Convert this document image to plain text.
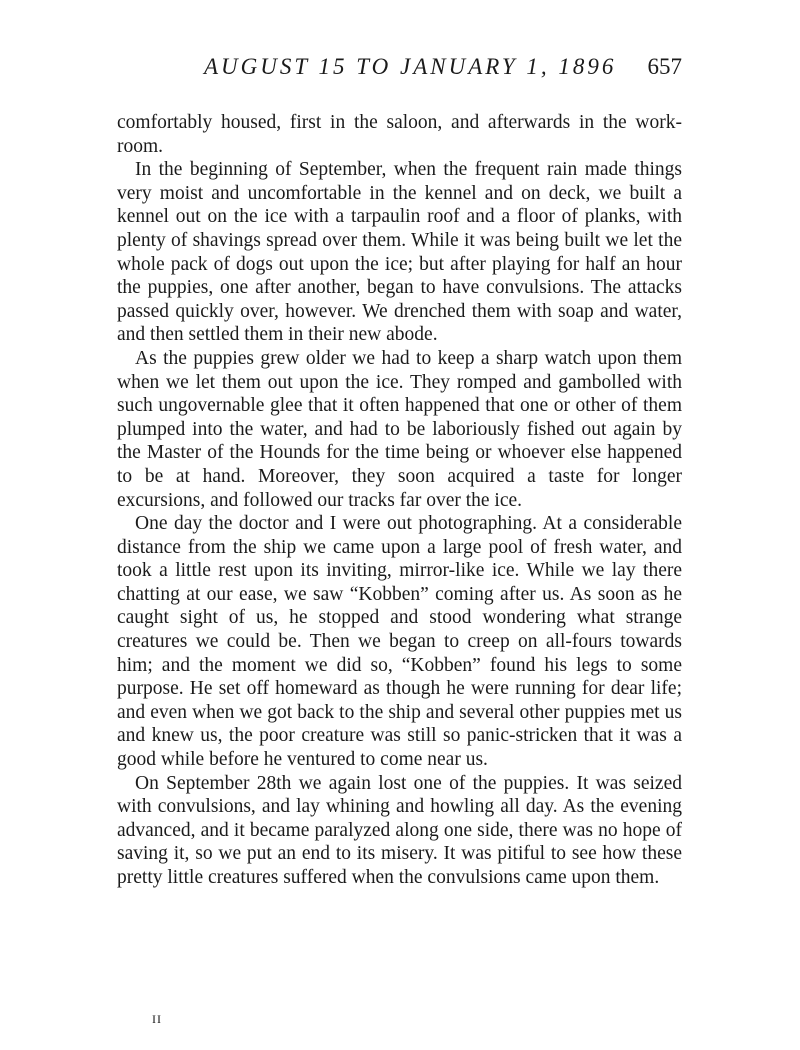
AUGUST 15 TO JANUARY 1, 1896 657

comfortably housed, first in the saloon, and afterwards in the work-room.

In the beginning of September, when the frequent rain made things very moist and uncomfortable in the kennel and on deck, we built a kennel out on the ice with a tarpaulin roof and a floor of planks, with plenty of shavings spread over them. While it was being built we let the whole pack of dogs out upon the ice; but after playing for half an hour the puppies, one after another, began to have convulsions. The attacks passed quickly over, however. We drenched them with soap and water, and then settled them in their new abode.

As the puppies grew older we had to keep a sharp watch upon them when we let them out upon the ice. They romped and gambolled with such ungovernable glee that it often happened that one or other of them plumped into the water, and had to be laboriously fished out again by the Master of the Hounds for the time being or whoever else happened to be at hand. Moreover, they soon acquired a taste for longer excursions, and followed our tracks far over the ice.

One day the doctor and I were out photographing. At a considerable distance from the ship we came upon a large pool of fresh water, and took a little rest upon its inviting, mirror-like ice. While we lay there chatting at our ease, we saw “Kobben” coming after us. As soon as he caught sight of us, he stopped and stood wondering what strange creatures we could be. Then we began to creep on all-fours towards him; and the moment we did so, “Kobben” found his legs to some purpose. He set off homeward as though he were running for dear life; and even when we got back to the ship and several other puppies met us and knew us, the poor creature was still so panic-stricken that it was a good while before he ventured to come near us.

On September 28th we again lost one of the puppies. It was seized with convulsions, and lay whining and howling all day. As the evening advanced, and it became paralyzed along one side, there was no hope of saving it, so we put an end to its misery. It was pitiful to see how these pretty little creatures suffered when the convulsions came upon them.

II
